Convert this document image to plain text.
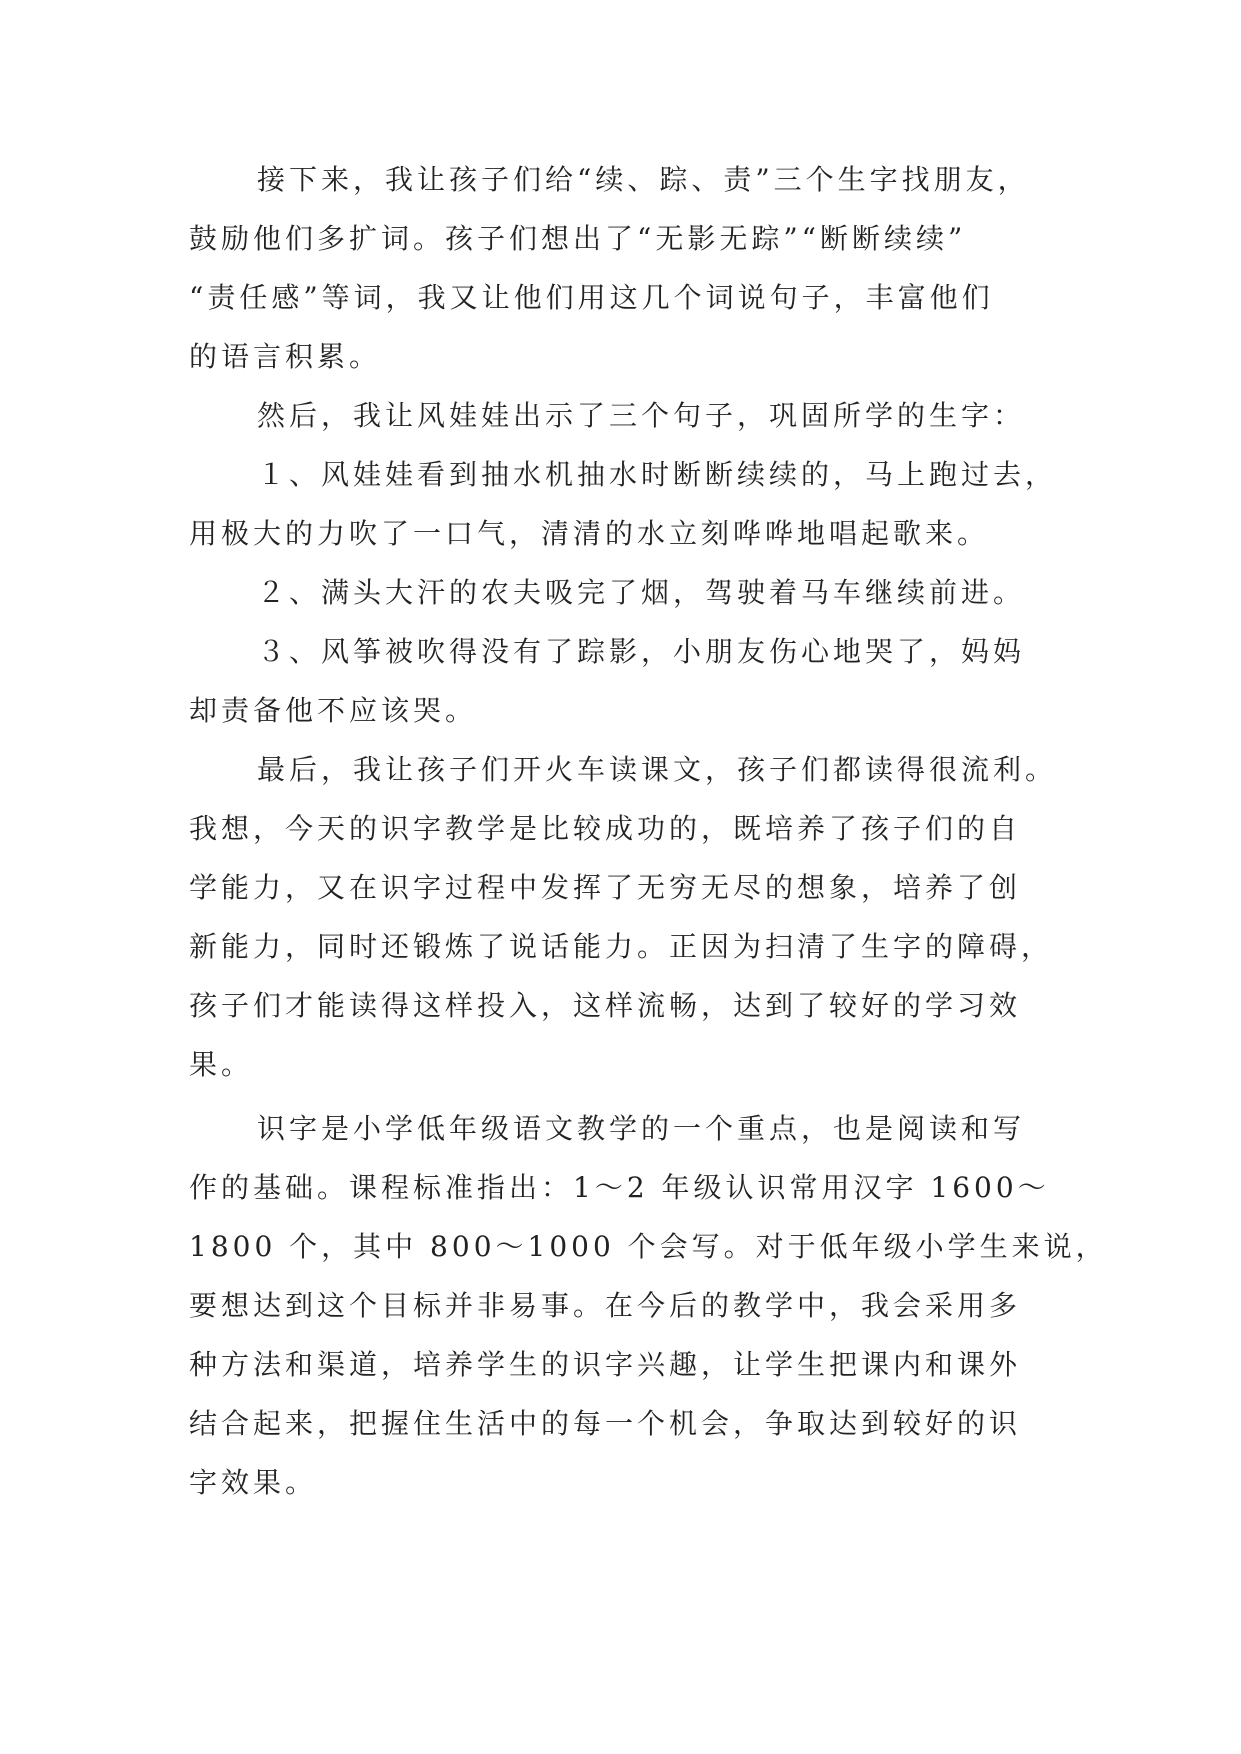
接下来，我让孩子们给“续、踪、责”三个生字找朋友，
鼓励他们多扩词。孩子们想出了“无影无踪”“断断续续”
“责任感”等词，我又让他们用这几个词说句子，丰富他们
的语言积累。
然后，我让风娃娃出示了三个句子，巩固所学的生字：
１、风娃娃看到抽水机抽水时断断续续的，马上跑过去，
用极大的力吹了一口气，清清的水立刻哗哗地唱起歌来。
２、满头大汗的农夫吸完了烟，驾驶着马车继续前进。
３、风筝被吹得没有了踪影，小朋友伤心地哭了，妈妈
却责备他不应该哭。
最后，我让孩子们开火车读课文，孩子们都读得很流利。
我想，今天的识字教学是比较成功的，既培养了孩子们的自
学能力，又在识字过程中发挥了无穷无尽的想象，培养了创
新能力，同时还锻炼了说话能力。正因为扫清了生字的障碍，
孩子们才能读得这样投入，这样流畅，达到了较好的学习效
果。
识字是小学低年级语文教学的一个重点，也是阅读和写
作的基础。课程标准指出：1～2 年级认识常用汉字 1600～
1800 个，其中 800～1000 个会写。对于低年级小学生来说，
要想达到这个目标并非易事。在今后的教学中，我会采用多
种方法和渠道，培养学生的识字兴趣，让学生把课内和课外
结合起来，把握住生活中的每一个机会，争取达到较好的识
字效果。
